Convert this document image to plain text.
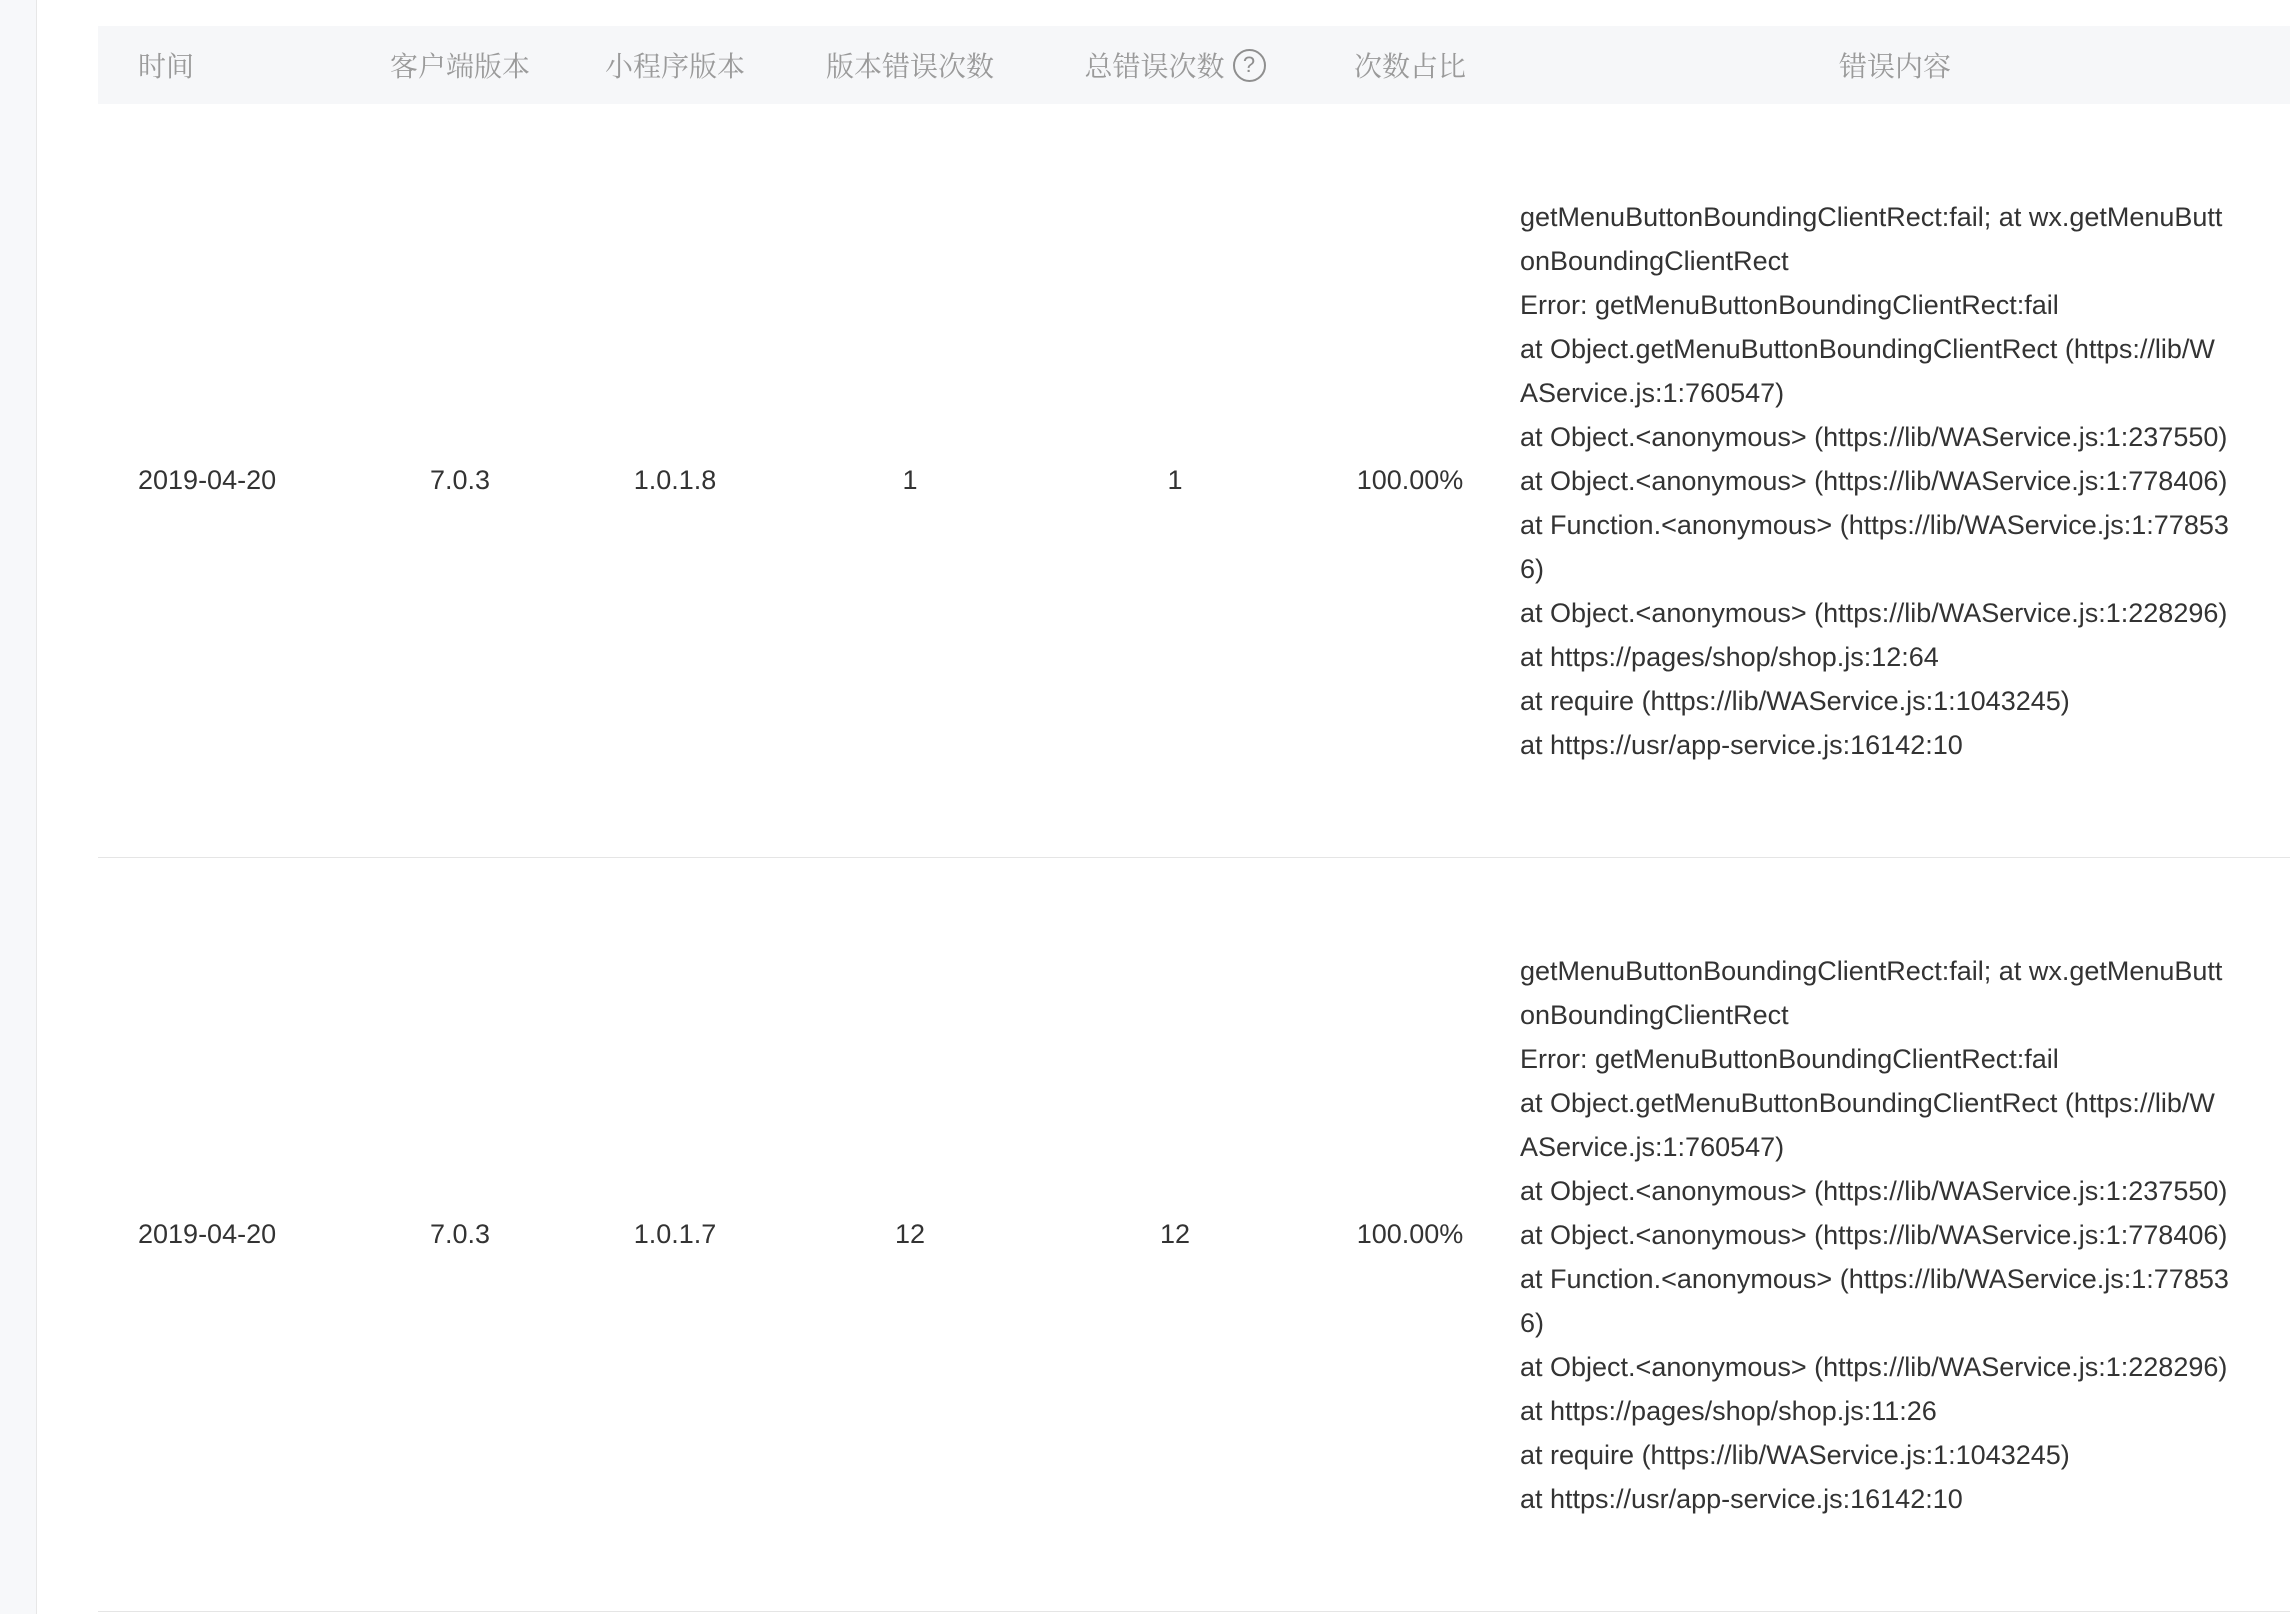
时间	客户端版本	小程序版本	版本错误次数	总错误次数 ?	次数占比	错误内容
2019-04-20	7.0.3	1.0.1.8	1	1	100.00%
getMenuButtonBoundingClientRect:fail; at wx.getMenuButtonBoundingClientRect
Error: getMenuButtonBoundingClientRect:fail
at Object.getMenuButtonBoundingClientRect (https://lib/WAService.js:1:760547)
at Object.<anonymous> (https://lib/WAService.js:1:237550)
at Object.<anonymous> (https://lib/WAService.js:1:778406)
at Function.<anonymous> (https://lib/WAService.js:1:778536)
at Object.<anonymous> (https://lib/WAService.js:1:228296)
at https://pages/shop/shop.js:12:64
at require (https://lib/WAService.js:1:1043245)
at https://usr/app-service.js:16142:10
2019-04-20	7.0.3	1.0.1.7	12	12	100.00%
getMenuButtonBoundingClientRect:fail; at wx.getMenuButtonBoundingClientRect
Error: getMenuButtonBoundingClientRect:fail
at Object.getMenuButtonBoundingClientRect (https://lib/WAService.js:1:760547)
at Object.<anonymous> (https://lib/WAService.js:1:237550)
at Object.<anonymous> (https://lib/WAService.js:1:778406)
at Function.<anonymous> (https://lib/WAService.js:1:778536)
at Object.<anonymous> (https://lib/WAService.js:1:228296)
at https://pages/shop/shop.js:11:26
at require (https://lib/WAService.js:1:1043245)
at https://usr/app-service.js:16142:10
